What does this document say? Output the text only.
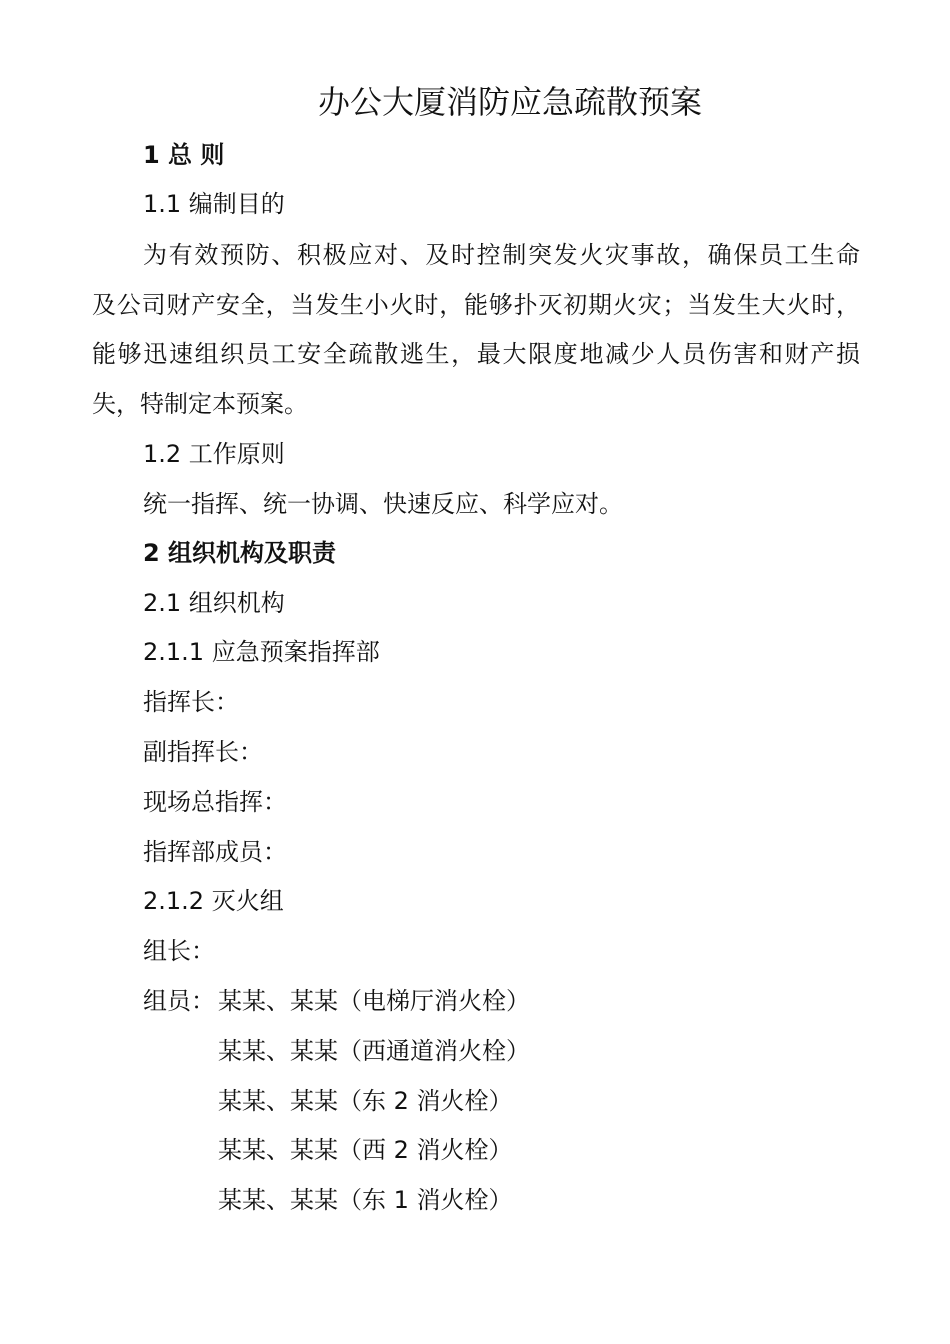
办公大厦消防应急疏散预案
1 总 则
1.1 编制目的
为有效预防、积极应对、及时控制突发火灾事故，确保员工生命
及公司财产安全，当发生小火时，能够扑灭初期火灾；当发生大火时，
能够迅速组织员工安全疏散逃生，最大限度地减少人员伤害和财产损
失，特制定本预案。
1.2 工作原则
统一指挥、统一协调、快速反应、科学应对。
2 组织机构及职责
2.1 组织机构
2.1.1 应急预案指挥部
指挥长：
副指挥长：
现场总指挥：
指挥部成员：
2.1.2 灭火组
组长：
组员： 某某、某某（电梯厅消火栓）
某某、某某（西通道消火栓）
某某、某某（东 2 消火栓）
某某、某某（西 2 消火栓）
某某、某某（东 1 消火栓）
